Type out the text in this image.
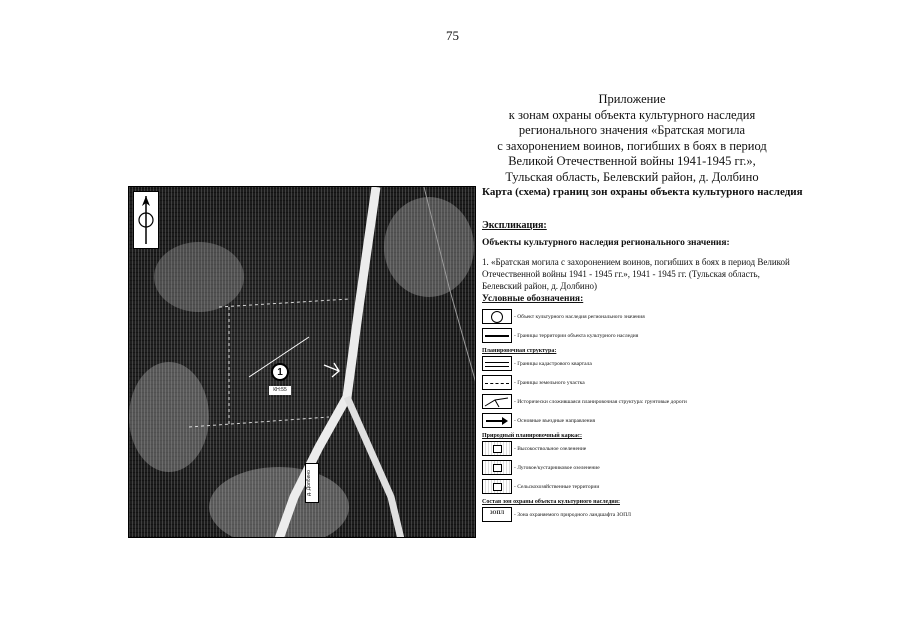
75
Приложение
к зонам охраны объекта культурного наследия
регионального значения «Братская могила
с захоронением воинов, погибших в боях в период
Великой Отечественной войны 1941-1945 гг.»,
Тульская область, Белевский район, д. Долбино
1
КН:55
д. Долбино
Карта (схема) границ зон охраны объекта культурного наследия
Экспликация:
Объекты культурного наследия регионального значения:
1. «Братская могила с захоронением воинов, погибших в боях в период Великой
Отечественной войны 1941 - 1945 гг.», 1941 - 1945 гг. (Тульская область,
Белевский район, д. Долбино)
Условные обозначения:
- Объект культурного наследия регионального значения
- Границы территории объекта культурного наследия
Планировочная структура:
- Границы кадастрового квартала
- Границы земельного участка
- Исторически сложившаяся планировочная структура: грунтовые дороги
- Основные въездные направления
Природный планировочный каркас:
- Высокоствольное озеленение
- Луговое/кустарниковое озеленение
- Сельскохозяйственные территории
Состав зон охраны объекта культурного наследия:
ЗОПЛ	- Зона охраняемого природного ландшафта ЗОПЛ
